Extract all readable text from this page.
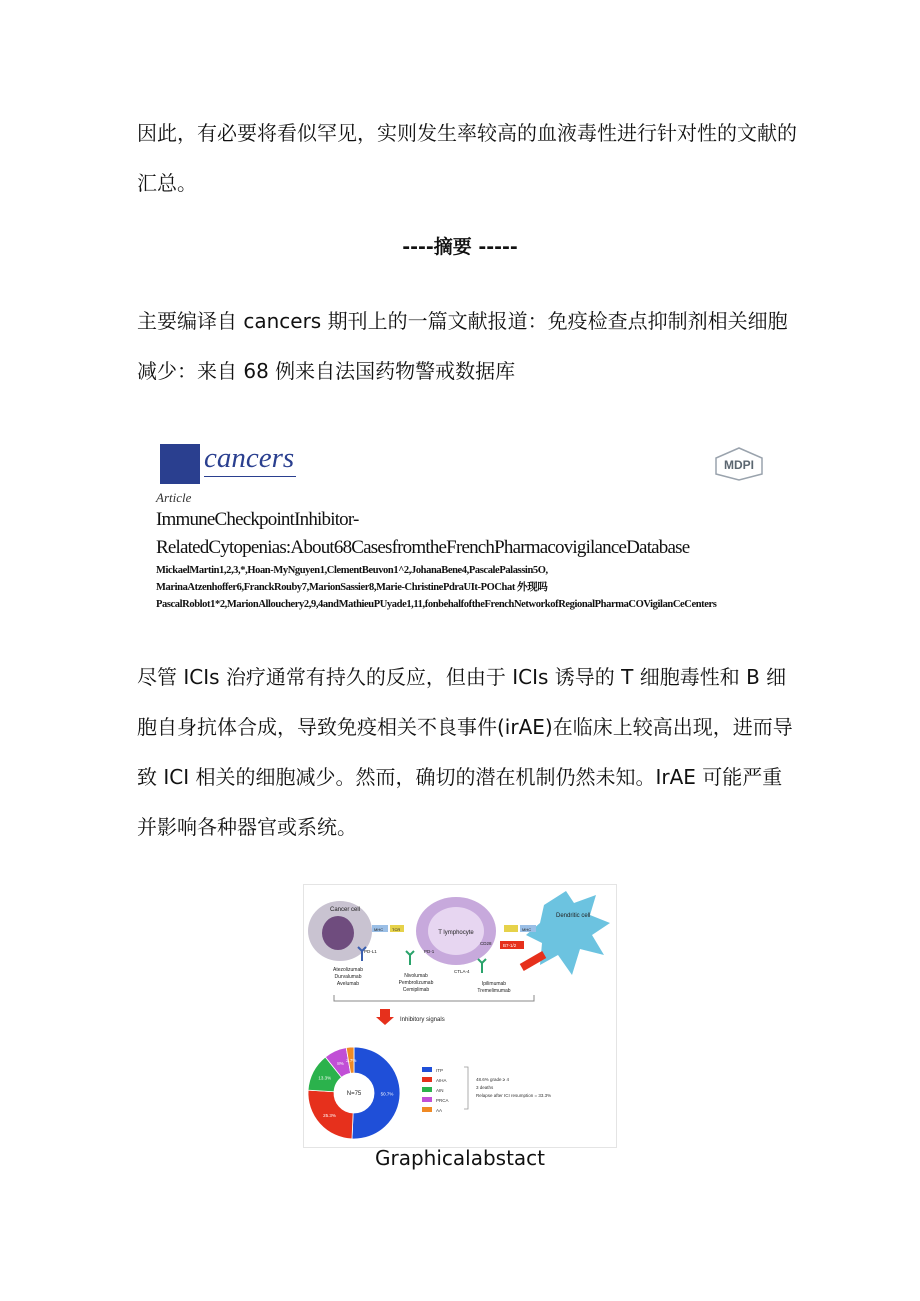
因此，有必要将看似罕见，实则发生率较高的血液毒性进行针对性的文献的汇总。
----摘要 -----
主要编译自 cancers 期刊上的一篇文献报道：免疫检查点抑制剂相关细胞减少：来自 68 例来自法国药物警戒数据库
cancers	MDPI
Article
ImmuneCheckpointInhibitor-
RelatedCytopenias:About68CasesfromtheFrenchPharmacovigilanceDatabase
MickaelMartin1,2,3,*,Hoan-MyNguyen1,ClementBeuvon1^2,JohanaBene4,PascalePalassin5O,
MarinaAtzenhoffer6,FranckRouby7,MarionSassier8,Marie-ChristinePdraUIt-POChat 外现吗
PascalRoblot1*2,MarionAllouchery2,9,4andMathieuPUyade1,11,fonbehalfoftheFrenchNetworkofRegionalPharmaCOVigilanCeCenters
尽管 ICIs 治疗通常有持久的反应，但由于 ICIs 诱导的 T 细胞毒性和 B 细胞自身抗体合成，导致免疫相关不良事件(irAE)在临床上较高出现，进而导致 ICI 相关的细胞减少。然而，确切的潜在机制仍然未知。IrAE 可能严重并影响各种器官或系统。
Cancer cell
T lymphocyte
Dendritic cell
MHC TCR	MHC
B7-1/2
CD28
PD-1
PD-L1
CTLA-4
Atezolizumab
Durvalumab
Avelumab
Nivolumab
Pembrolizumab
Cemiplimab
Ipilimumab
Tremelimumab
Inhibitory signals
50.7%
25.3%
13.3%
8%
2.7%
N=75
ITP
AIHA
AIN
PRCA
AA
48.6% grade ≥ 4
3 deaths
Relapse after ICI resumption = 33.3%
Graphicalabstact
